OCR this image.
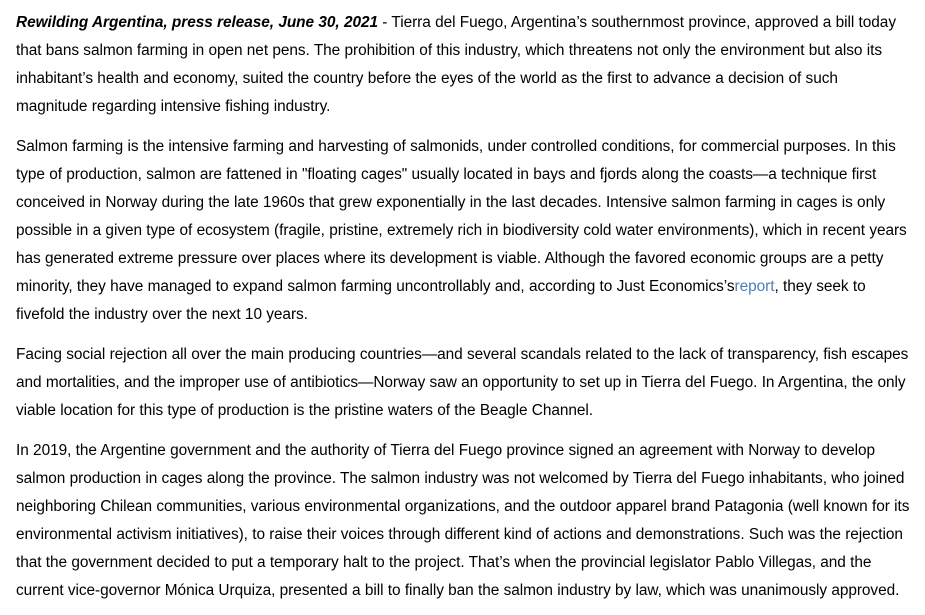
Rewilding Argentina, press release, June 30, 2021 - Tierra del Fuego, Argentina’s southernmost province, approved a bill today that bans salmon farming in open net pens. The prohibition of this industry, which threatens not only the environment but also its inhabitant’s health and economy, suited the country before the eyes of the world as the first to advance a decision of such magnitude regarding intensive fishing industry.

Salmon farming is the intensive farming and harvesting of salmonids, under controlled conditions, for commercial purposes. In this type of production, salmon are fattened in "floating cages" usually located in bays and fjords along the coasts—a technique first conceived in Norway during the late 1960s that grew exponentially in the last decades. Intensive salmon farming in cages is only possible in a given type of ecosystem (fragile, pristine, extremely rich in biodiversity cold water environments), which in recent years has generated extreme pressure over places where its development is viable. Although the favored economic groups are a petty minority, they have managed to expand salmon farming uncontrollably and, according to Just Economics’sreport, they seek to fivefold the industry over the next 10 years.

Facing social rejection all over the main producing countries—and several scandals related to the lack of transparency, fish escapes and mortalities, and the improper use of antibiotics—Norway saw an opportunity to set up in Tierra del Fuego. In Argentina, the only viable location for this type of production is the pristine waters of the Beagle Channel.

In 2019, the Argentine government and the authority of Tierra del Fuego province signed an agreement with Norway to develop salmon production in cages along the province. The salmon industry was not welcomed by Tierra del Fuego inhabitants, who joined neighboring Chilean communities, various environmental organizations, and the outdoor apparel brand Patagonia (well known for its environmental activism initiatives), to raise their voices through different kind of actions and demonstrations. Such was the rejection that the government decided to put a temporary halt to the project. That’s when the provincial legislator Pablo Villegas, and the current vice-governor Mónica Urquiza, presented a bill to finally ban the salmon industry by law, which was unanimously approved.
